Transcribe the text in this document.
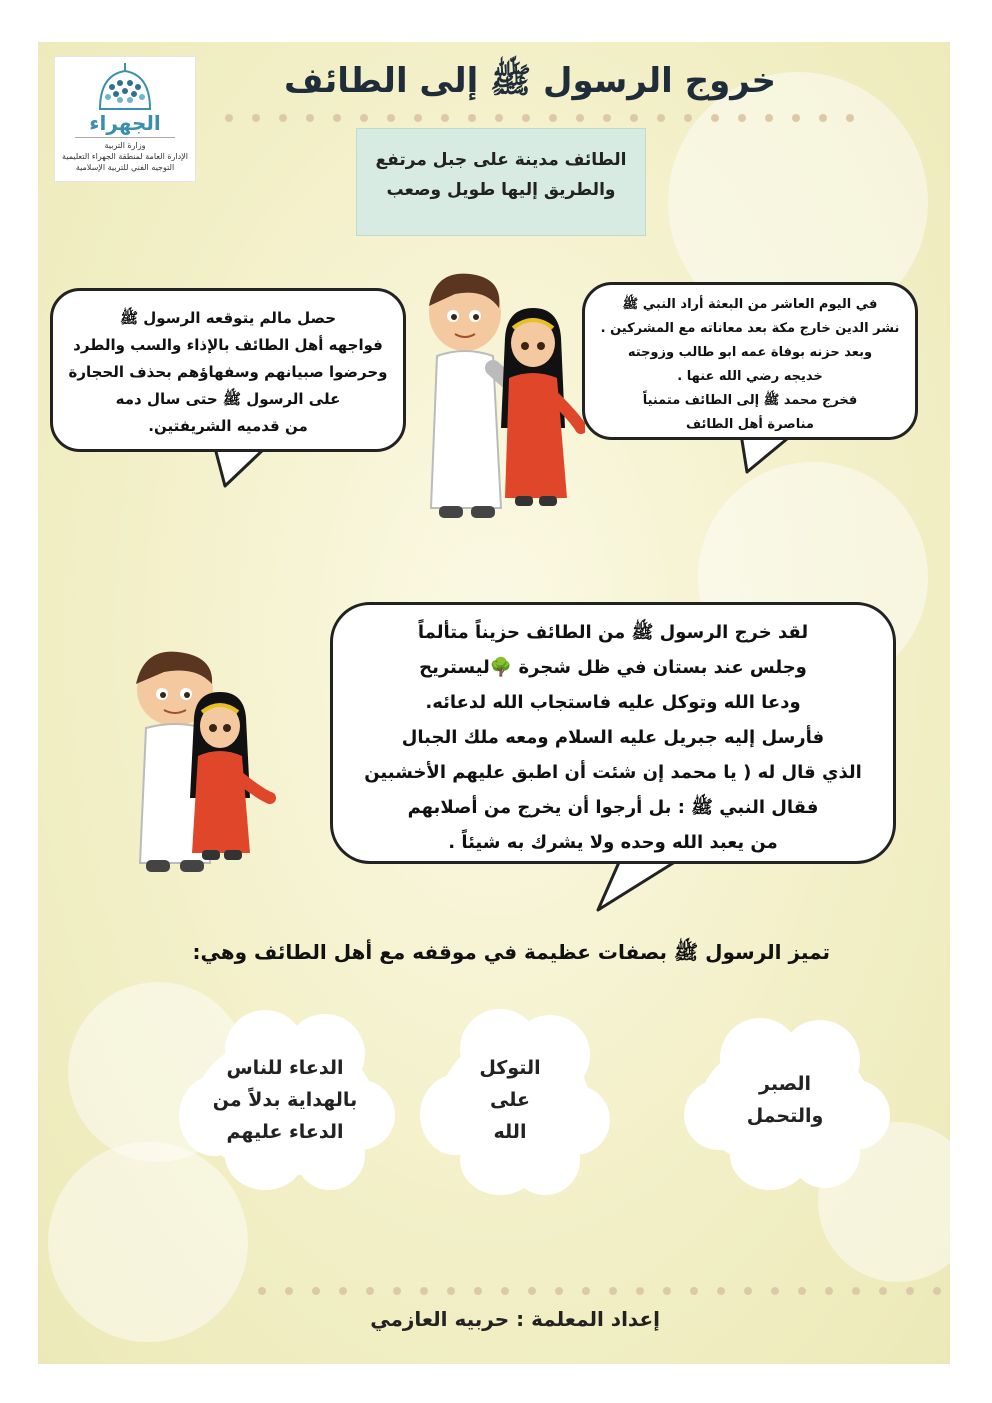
الجهراء
وزارة التربية
الإدارة العامة لمنطقة الجهراء التعليمية
التوجيه الفني للتربية الإسلامية
خروج الرسول ﷺ إلى الطائف
الطائف مدينة على جبل مرتفع
والطريق إليها طويل وصعب
في اليوم العاشر من البعثة أراد النبي ﷺ
نشر الدين خارج مكة بعد معاناته مع المشركين .
وبعد حزنه بوفاة عمه ابو طالب وزوجته
خديجه رضي الله عنها .
فخرج محمد ﷺ إلى الطائف متمنياً
مناصرة أهل الطائف
حصل مالم يتوقعه الرسول ﷺ
فواجهه أهل الطائف بالإذاء والسب والطرد
وحرضوا صبيانهم وسفهاؤهم بحذف الحجارة
على الرسول ﷺ حتى سال دمه
من قدميه الشريفتين.
لقد خرج الرسول ﷺ من الطائف حزيناً متألماً
وجلس عند بستان في ظل شجرة 🌳ليستريح
ودعا الله وتوكل عليه فاستجاب الله لدعائه.
فأرسل إليه جبريل عليه السلام ومعه ملك الجبال
الذي قال له ( يا محمد إن شئت أن اطبق عليهم الأخشبين
فقال النبي ﷺ : بل أرجوا أن يخرج من أصلابهم
من يعبد الله وحده ولا يشرك به شيئاً .
تميز الرسول ﷺ بصفات عظيمة في موقفه مع أهل الطائف وهي:
الصبر
والتحمل
التوكل
على
الله
الدعاء للناس
بالهداية بدلاً من
الدعاء عليهم
إعداد المعلمة : حربيه العازمي
